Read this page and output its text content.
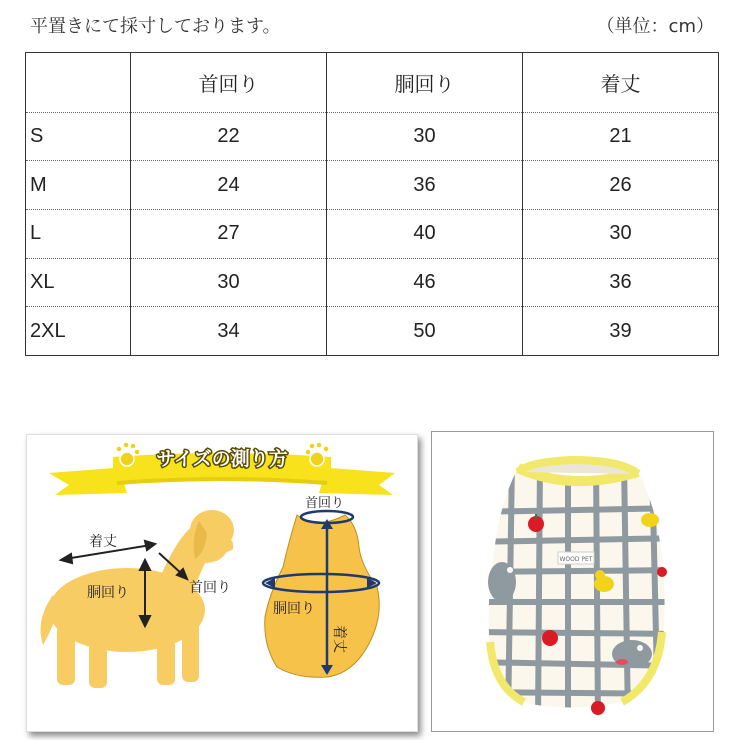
平置きにて採寸しております。	（単位：cm）
	首回り	胴回り	着丈
S	22	30	21
M	24	36	26
L	27	40	30
XL	30	46	36
2XL	34	50	39
サイズの測り方
着丈
胴回り	首回り
首回り
胴回り
着丈
WOOD PET
